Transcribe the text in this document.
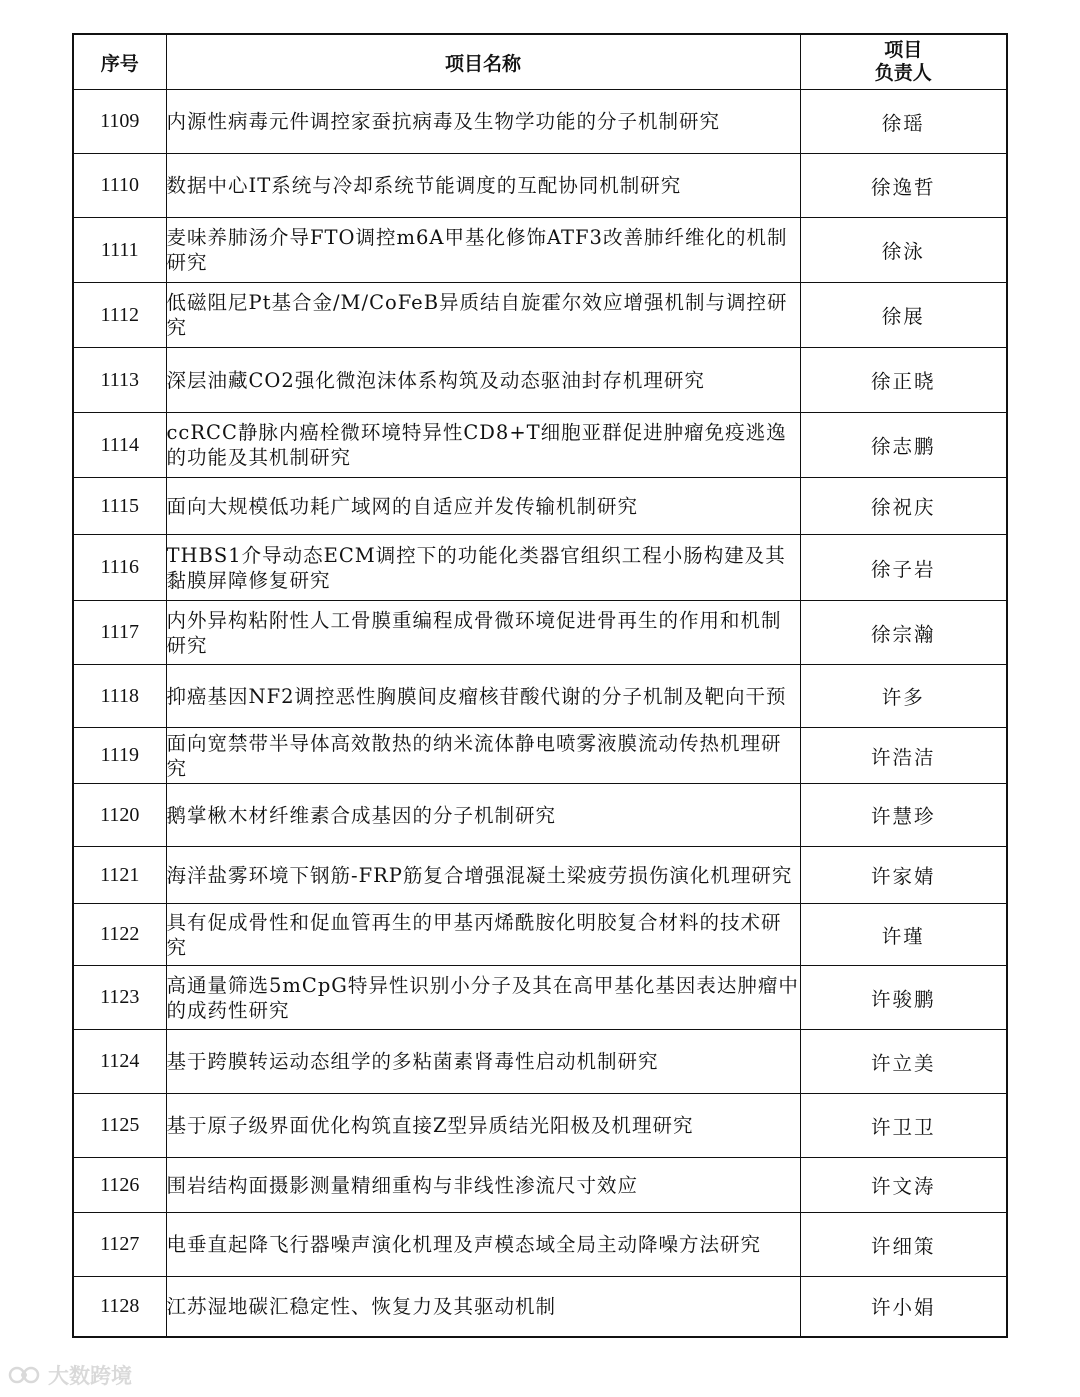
序号	项目名称	项目
负责人

1109	内源性病毒元件调控家蚕抗病毒及生物学功能的分子机制研究	徐瑶
1110	数据中心IT系统与冷却系统节能调度的互配协同机制研究	徐逸哲
1111	麦味养肺汤介导FTO调控m6A甲基化修饰ATF3改善肺纤维化的机制研究	徐泳
1112	低磁阻尼Pt基合金/M/CoFeB异质结自旋霍尔效应增强机制与调控研究	徐展
1113	深层油藏CO2强化微泡沫体系构筑及动态驱油封存机理研究	徐正晓
1114	ccRCC静脉内癌栓微环境特异性CD8+T细胞亚群促进肿瘤免疫逃逸的功能及其机制研究	徐志鹏
1115	面向大规模低功耗广域网的自适应并发传输机制研究	徐祝庆
1116	THBS1介导动态ECM调控下的功能化类器官组织工程小肠构建及其黏膜屏障修复研究	徐子岩
1117	内外异构粘附性人工骨膜重编程成骨微环境促进骨再生的作用和机制研究	徐宗瀚
1118	抑癌基因NF2调控恶性胸膜间皮瘤核苷酸代谢的分子机制及靶向干预	许多
1119	面向宽禁带半导体高效散热的纳米流体静电喷雾液膜流动传热机理研究	许浩洁
1120	鹅掌楸木材纤维素合成基因的分子机制研究	许慧珍
1121	海洋盐雾环境下钢筋-FRP筋复合增强混凝土梁疲劳损伤演化机理研究	许家婧
1122	具有促成骨性和促血管再生的甲基丙烯酰胺化明胶复合材料的技术研究	许瑾
1123	高通量筛选5mCpG特异性识别小分子及其在高甲基化基因表达肿瘤中的成药性研究	许骏鹏
1124	基于跨膜转运动态组学的多粘菌素肾毒性启动机制研究	许立美
1125	基于原子级界面优化构筑直接Z型异质结光阳极及机理研究	许卫卫
1126	围岩结构面摄影测量精细重构与非线性渗流尺寸效应	许文涛
1127	电垂直起降飞行器噪声演化机理及声模态域全局主动降噪方法研究	许细策
1128	江苏湿地碳汇稳定性、恢复力及其驱动机制	许小娟
大数跨境
